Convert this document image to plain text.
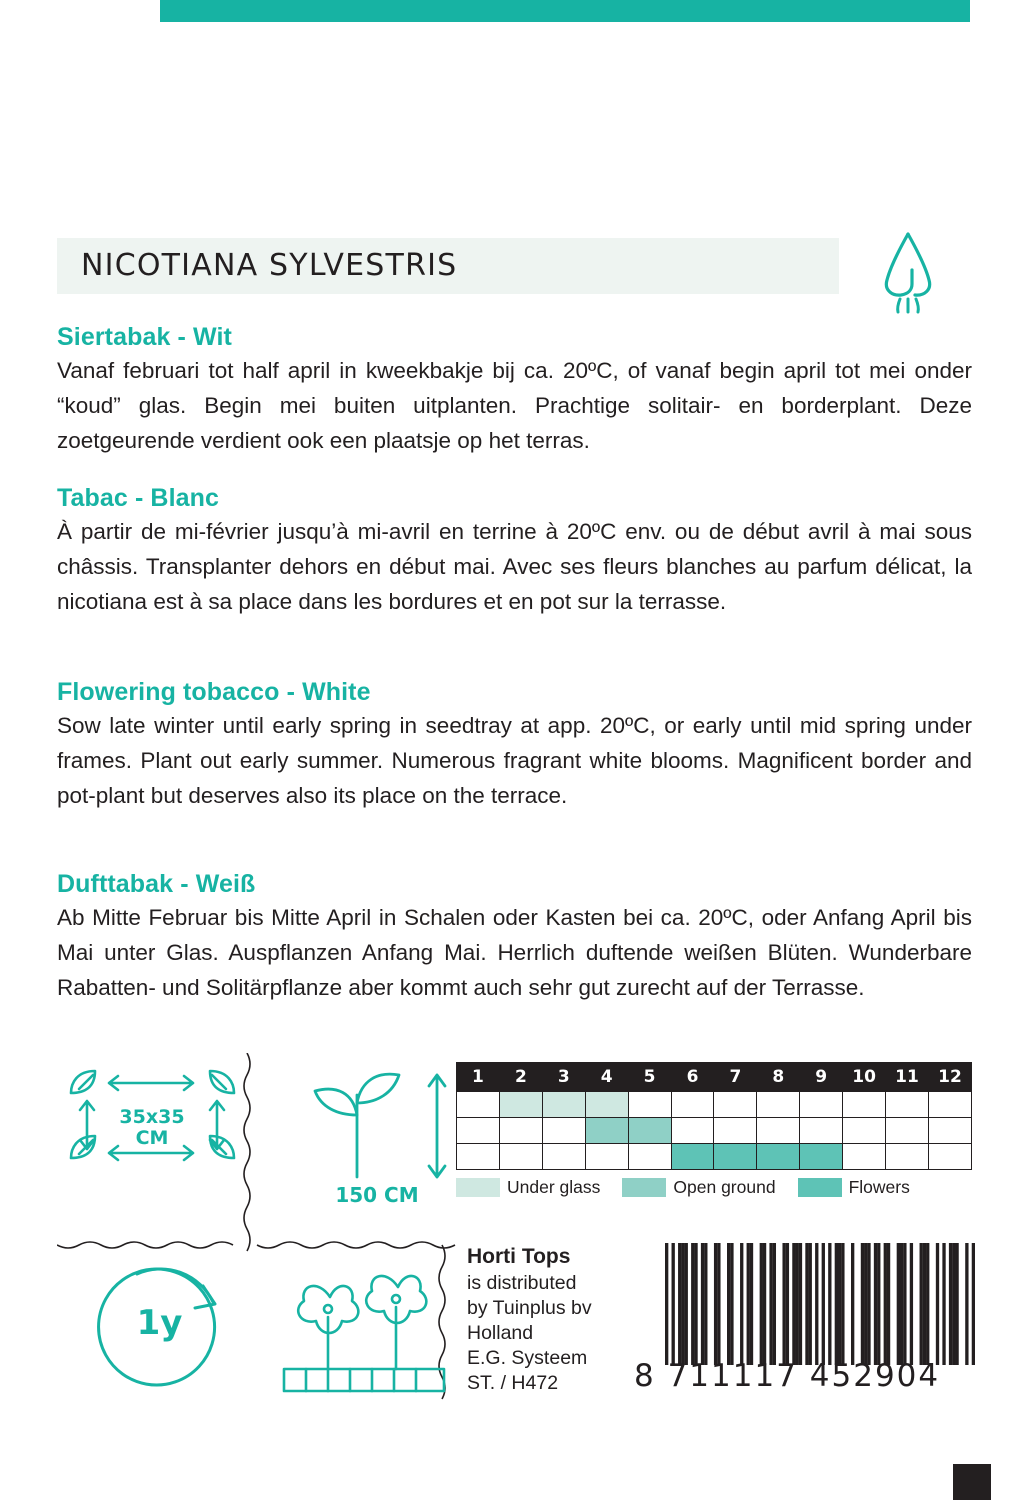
NICOTIANA SYLVESTRIS
Siertabak - Wit

Vanaf februari tot half april in kweekbakje bij ca. 20ºC, of vanaf begin april tot mei onder “koud” glas. Begin mei buiten uitplanten. Prachtige solitair- en borderplant. Deze zoetgeurende verdient ook een plaatsje op het terras.

Tabac - Blanc

À partir de mi-février jusqu’à mi-avril en terrine à 20ºC env. ou de début avril à mai sous châssis. Transplanter dehors en début mai. Avec ses fleurs blanches au parfum délicat, la nicotiana est à sa place dans les bordures et en pot sur la terrasse.

Flowering tobacco - White

Sow late winter until early spring in seedtray at app. 20ºC, or early until mid spring under frames. Plant out early summer. Numerous fragrant white blooms. Magnificent border and pot-plant but deserves also its place on the terrace.

Dufttabak - Weiß

Ab Mitte Februar bis Mitte April in Schalen oder Kasten bei ca. 20ºC, oder Anfang April bis Mai unter Glas. Auspflanzen Anfang Mai. Herrlich duftende weißen Blüten. Wunderbare Rabatten- und Solitärpflanze aber kommt auch sehr gut zurecht auf der Terrasse.

35x35
CM
150 CM
1y
1	2	3	4	5	6	7	8	9	10	11	12

Under glass	Open ground	Flowers
Horti Tops
is distributed
by Tuinplus bv
Holland
E.G. Systeem
ST. / H472	8 711117 452904
